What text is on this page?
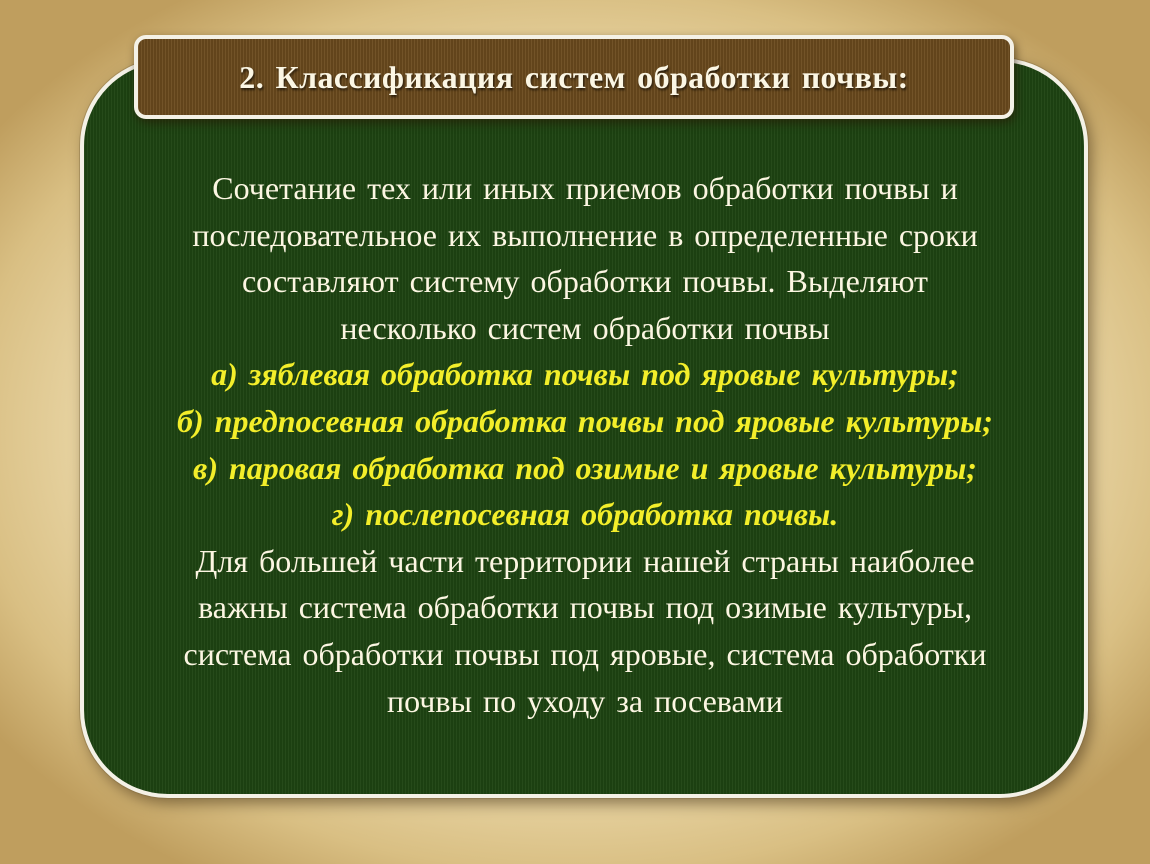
2. Классификация систем обработки почвы:
Сочетание тех или иных приемов обработки почвы и
последовательное их выполнение в определенные сроки
составляют систему обработки почвы. Выделяют
несколько систем обработки почвы
а) зяблевая обработка почвы под яровые культуры;
б) предпосевная обработка почвы под яровые культуры;
в) паровая обработка под озимые и яровые культуры;
г) послепосевная обработка почвы.
Для большей части территории нашей страны наиболее
важны система обработки почвы под озимые культуры,
система обработки почвы под яровые, система обработки
почвы по уходу за посевами
